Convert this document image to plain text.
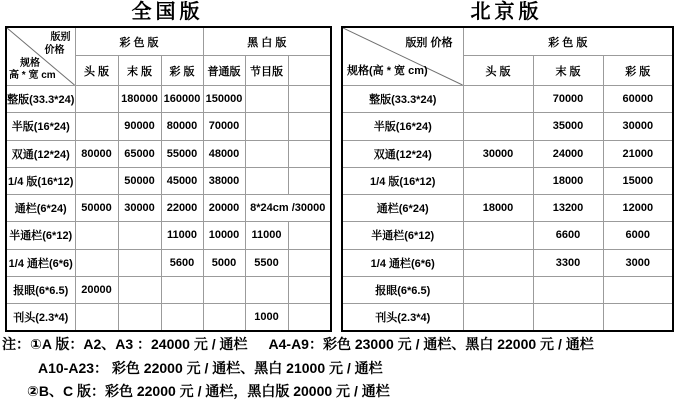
全国版
版别
价格
规格
高 * 宽 cm	彩 色 版			黑 白 版		
	头 版	末 版	彩 版	普通版	节目版	
整版(33.3*24)		180000	160000	150000		
半版(16*24)		90000	80000	70000		
双通(12*24)	80000	65000	55000	48000		
1/4 版(16*12)		50000	45000	38000		
通栏(6*24)	50000	30000	22000	20000	8*24cm /30000	
半通栏(6*12)			11000	10000	11000	
1/4 通栏(6*6)			5600	5000	5500	
报眼(6*6.5)	20000					
刊头(2.3*4)					1000	
北京版
版别 价格
规格(高 * 宽 cm)	彩 色 版		
	头 版	末 版	彩 版
整版(33.3*24)		70000	60000
半版(16*24)		35000	30000
双通(12*24)	30000	24000	21000
1/4 版(16*12)		18000	15000
通栏(6*24)	18000	13200	12000
半通栏(6*12)		6600	6000
1/4 通栏(6*6)		3300	3000
报眼(6*6.5)			
刊头(2.3*4)			
注：①A 版：A2、A3 ：24000 元 / 通栏 A4-A9：彩色 23000 元 / 通栏、黑白 22000 元 / 通栏
A10-A23： 彩色 22000 元 / 通栏、黑白 21000 元 / 通栏
②B、C 版：彩色 22000 元 / 通栏，黑白版 20000 元 / 通栏
